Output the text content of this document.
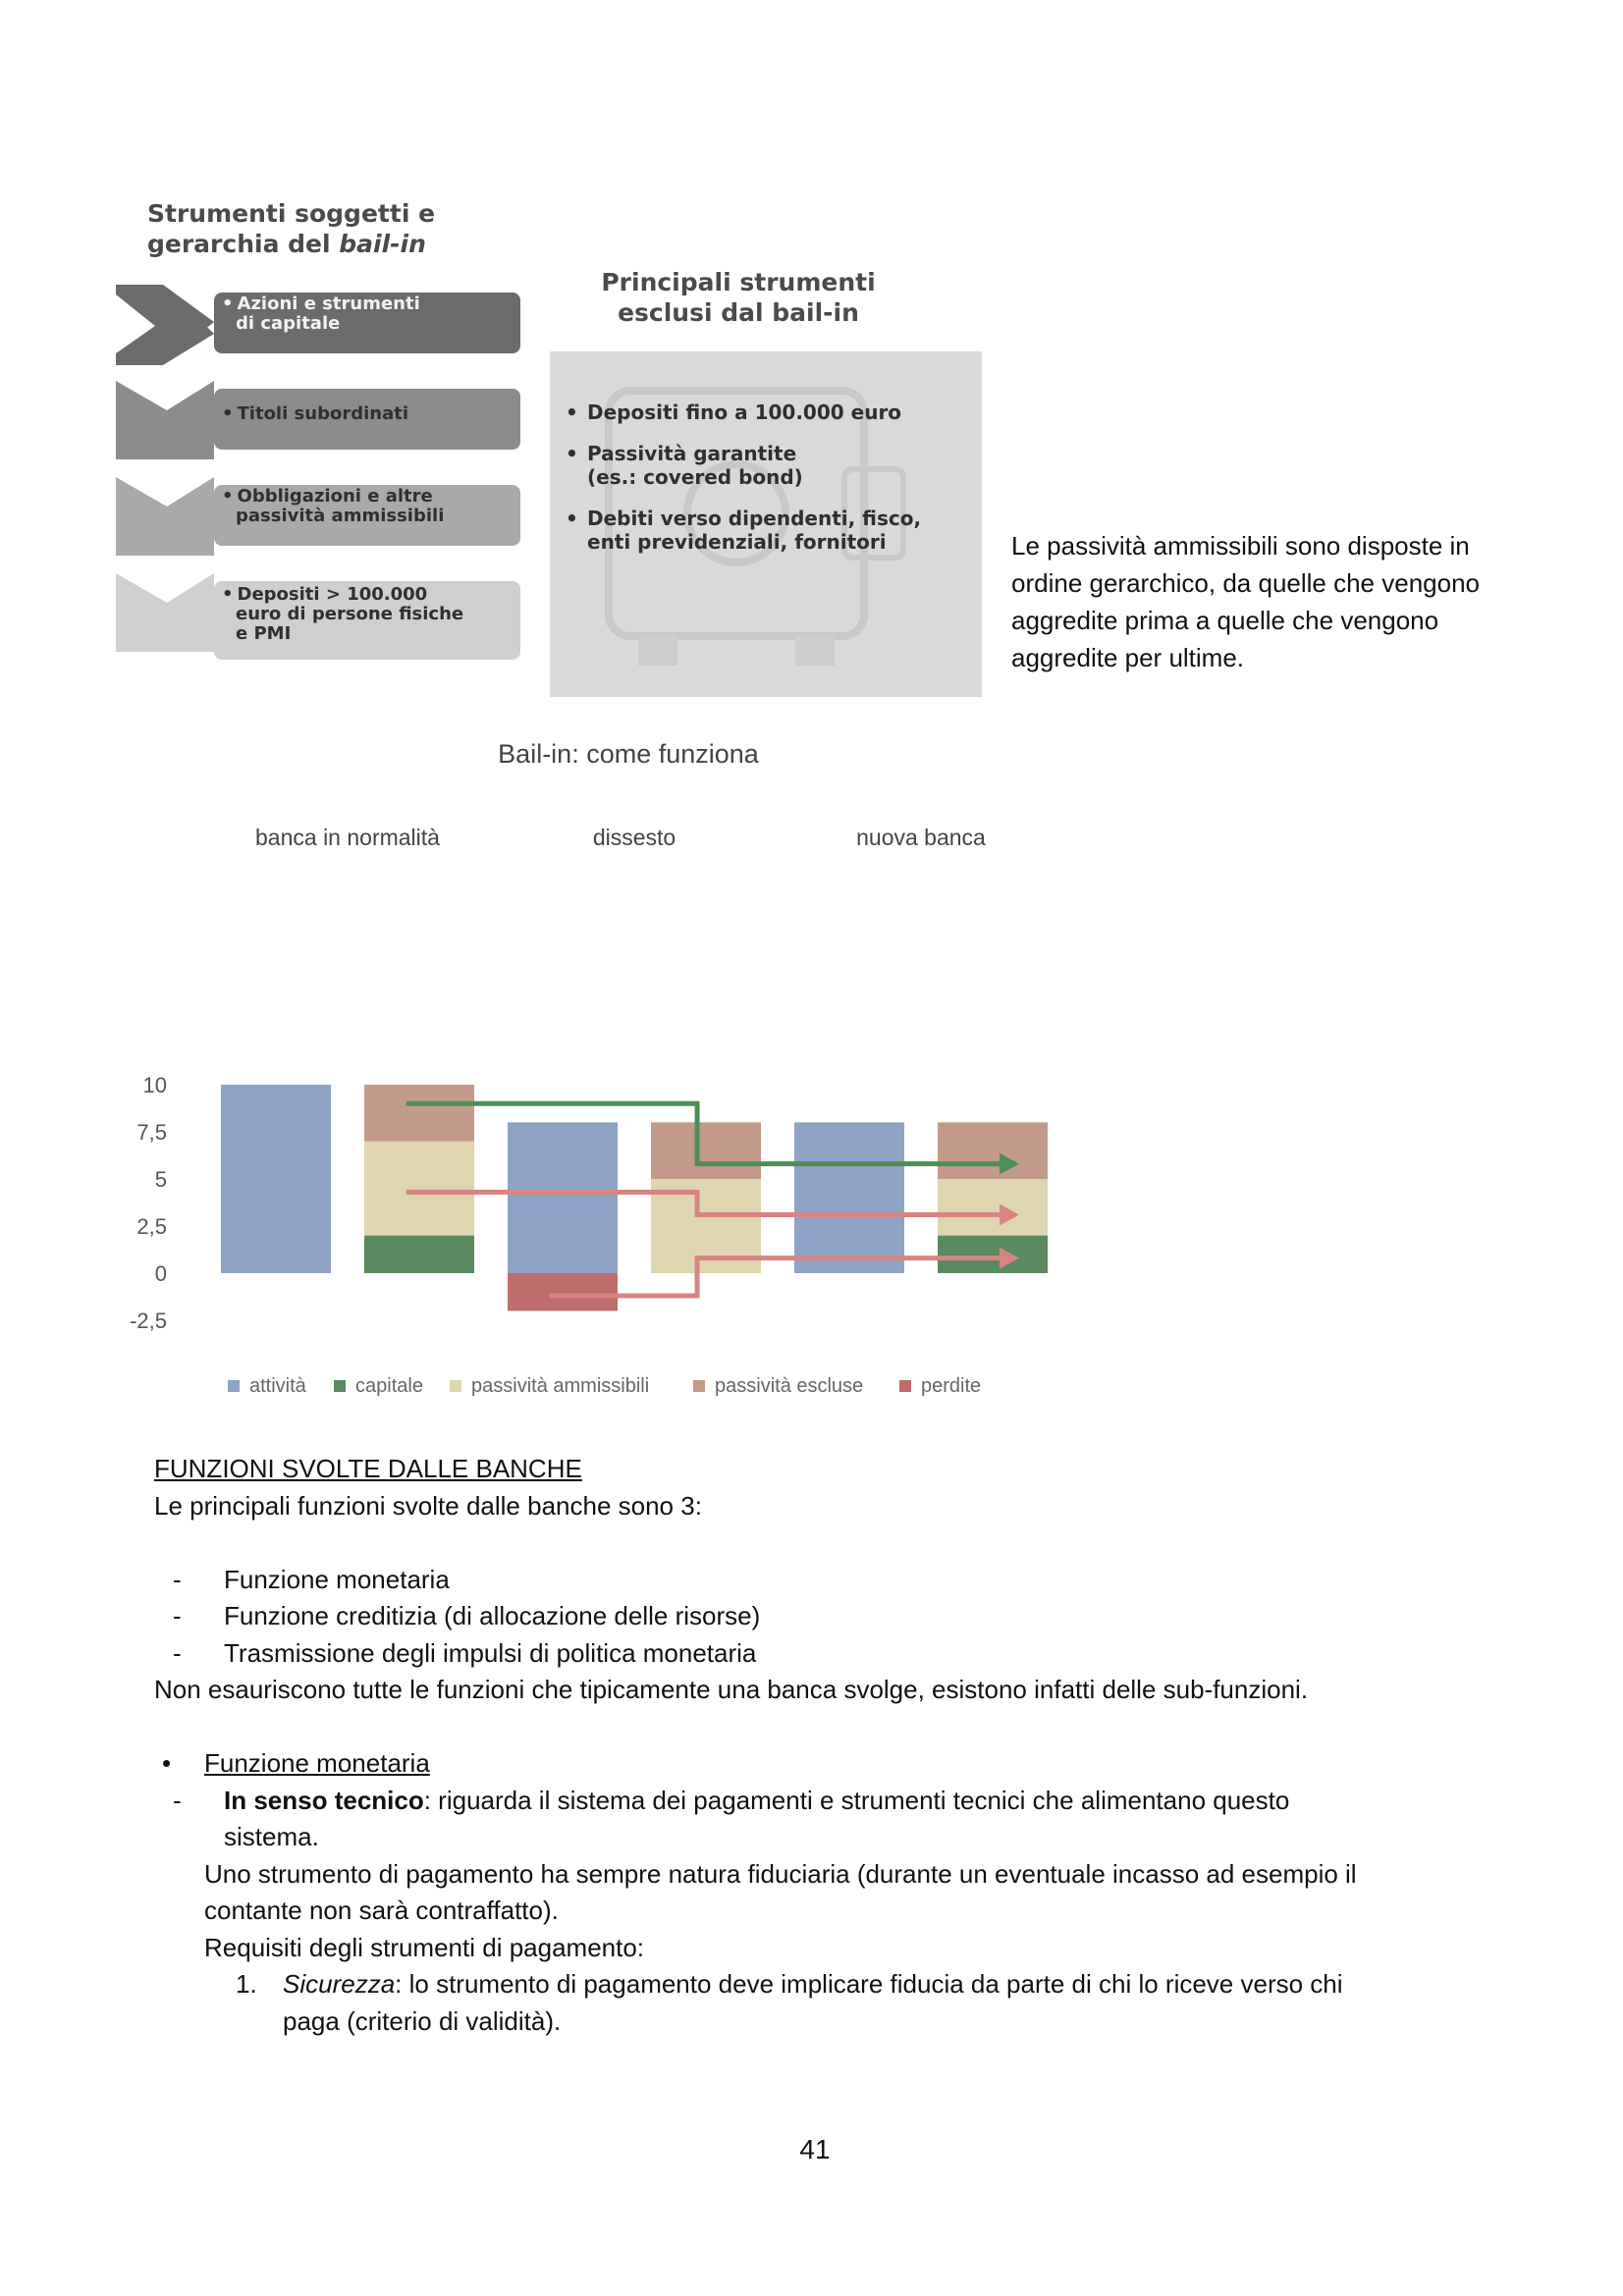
Strumenti soggetti e
gerarchia del bail-in
• Azioni e strumenti
di capitale
• Titoli subordinati
• Obbligazioni e altre
passività ammissibili
• Depositi > 100.000
euro di persone fisiche
e PMI
Principali strumenti
esclusi dal bail-in
• Depositi fino a 100.000 euro
• Passività garantite
(es.: covered bond)
• Debiti verso dipendenti, fisco,
enti previdenziali, fornitori	Le passività ammissibili sono disposte in ordine gerarchico, da quelle che vengono aggredite prima a quelle che vengono aggredite per ultime.
Bail-in: come funziona
banca in normalità	dissesto	nuova banca
10
7,5
5
2,5
0
-2,5
attività	capitale passività ammissibili	passività escluse	perdite
FUNZIONI SVOLTE DALLE BANCHE
Le principali funzioni svolte dalle banche sono 3:
- Funzione monetaria
- Funzione creditizia (di allocazione delle risorse)
- Trasmissione degli impulsi di politica monetaria
Non esauriscono tutte le funzioni che tipicamente una banca svolge, esistono infatti delle sub-funzioni.
• Funzione monetaria
- In senso tecnico: riguarda il sistema dei pagamenti e strumenti tecnici che alimentano questo
sistema.
Uno strumento di pagamento ha sempre natura fiduciaria (durante un eventuale incasso ad esempio il
contante non sarà contraffatto).
Requisiti degli strumenti di pagamento:
1. Sicurezza: lo strumento di pagamento deve implicare fiducia da parte di chi lo riceve verso chi
paga (criterio di validità).
41
